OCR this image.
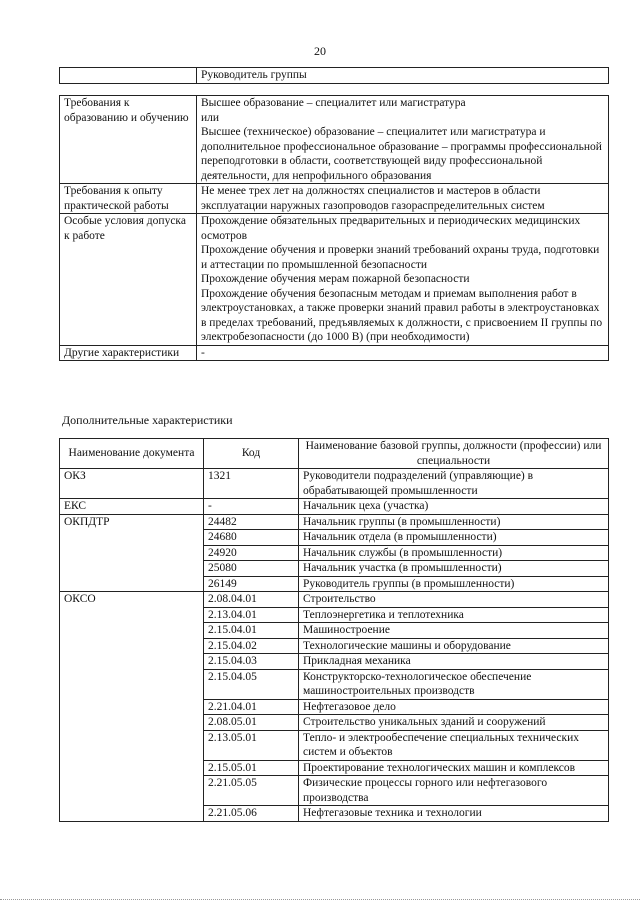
20
	Руководитель группы
Требования к образованию и обучению	Высшее образование – специалитет или магистратура
или
Высшее (техническое) образование – специалитет или магистратура и дополнительное профессиональное образование – программы профессиональной переподготовки в области, соответствующей виду профессиональной деятельности, для непрофильного образования

Требования к опыту практической работы	Не менее трех лет на должностях специалистов и мастеров в области эксплуатации наружных газопроводов газораспределительных систем

Особые условия допуска к работе	Прохождение обязательных предварительных и периодических медицинских осмотров
Прохождение обучения и проверки знаний требований охраны труда, подготовки и аттестации по промышленной безопасности
Прохождение обучения мерам пожарной безопасности
Прохождение обучения безопасным методам и приемам выполнения работ в электроустановках, а также проверки знаний правил работы в электроустановках в пределах требований, предъявляемых к должности, с присвоением II группы по электробезопасности (до 1000 В) (при необходимости)

Другие характеристики	-
Дополнительные характеристики
Наименование документа	Код	Наименование базовой группы, должности (профессии) или специальности
ОКЗ	1321	Руководители подразделений (управляющие) в обрабатывающей промышленности
ЕКС	-	Начальник цеха (участка)
ОКПДТР	24482	Начальник группы (в промышленности)
	24680	Начальник отдела (в промышленности)
	24920	Начальник службы (в промышленности)
	25080	Начальник участка (в промышленности)
	26149	Руководитель группы (в промышленности)
ОКСО	2.08.04.01	Строительство
	2.13.04.01	Теплоэнергетика и теплотехника
	2.15.04.01	Машиностроение
	2.15.04.02	Технологические машины и оборудование
	2.15.04.03	Прикладная механика
	2.15.04.05	Конструкторско-технологическое обеспечение машиностроительных производств
	2.21.04.01	Нефтегазовое дело
	2.08.05.01	Строительство уникальных зданий и сооружений
	2.13.05.01	Тепло- и электрообеспечение специальных технических систем и объектов
	2.15.05.01	Проектирование технологических машин и комплексов
	2.21.05.05	Физические процессы горного или нефтегазового производства
	2.21.05.06	Нефтегазовые техника и технологии
